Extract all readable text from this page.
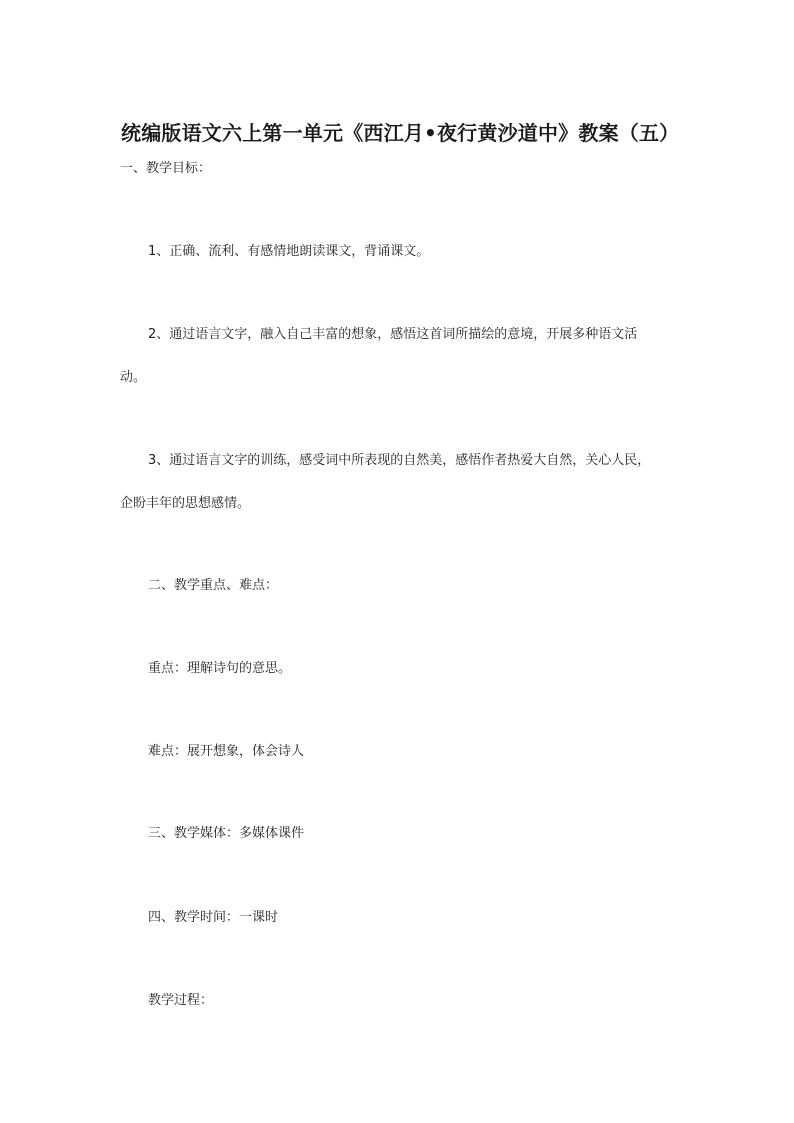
统编版语文六上第一单元《西江月•夜行黄沙道中》教案（五）
一、教学目标：
1、正确、流利、有感情地朗读课文，背诵课文。
2、通过语言文字，融入自己丰富的想象，感悟这首词所描绘的意境，开展多种语文活
动。
3、通过语言文字的训练，感受词中所表现的自然美，感悟作者热爱大自然，关心人民，
企盼丰年的思想感情。
二、教学重点、难点：
重点：理解诗句的意思。
难点：展开想象，体会诗人
三、教学媒体：多媒体课件
四、教学时间：一课时
教学过程：
